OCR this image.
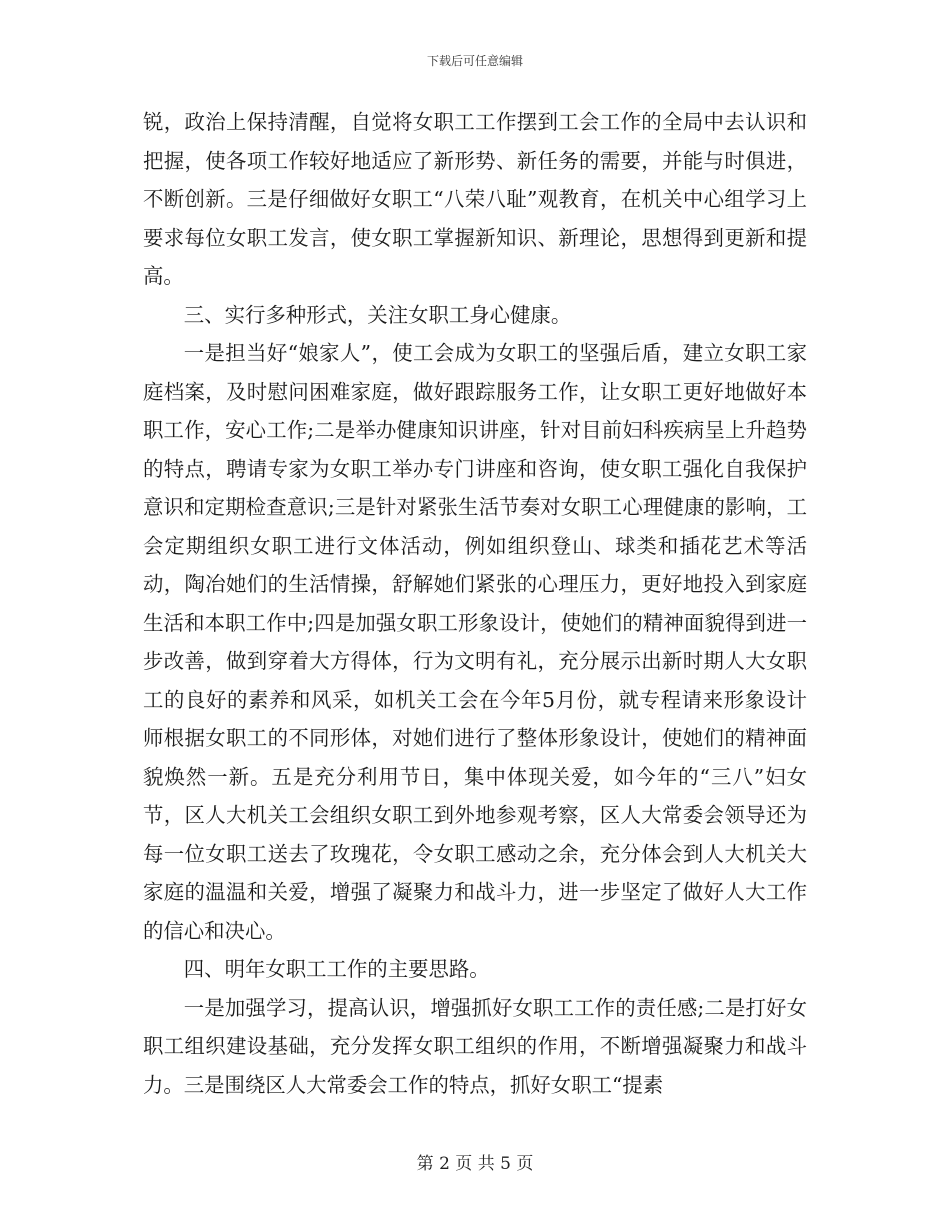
下载后可任意编辑

锐，政治上保持清醒，自觉将女职工工作摆到工会工作的全局中去认识和把握，使各项工作较好地适应了新形势、新任务的需要，并能与时俱进，不断创新。三是仔细做好女职工“八荣八耻”观教育，在机关中心组学习上要求每位女职工发言，使女职工掌握新知识、新理论，思想得到更新和提高。

三、实行多种形式，关注女职工身心健康。

一是担当好“娘家人”，使工会成为女职工的坚强后盾，建立女职工家庭档案，及时慰问困难家庭，做好跟踪服务工作，让女职工更好地做好本职工作，安心工作;二是举办健康知识讲座，针对目前妇科疾病呈上升趋势的特点，聘请专家为女职工举办专门讲座和咨询，使女职工强化自我保护意识和定期检查意识;三是针对紧张生活节奏对女职工心理健康的影响，工会定期组织女职工进行文体活动，例如组织登山、球类和插花艺术等活动，陶冶她们的生活情操，舒解她们紧张的心理压力，更好地投入到家庭生活和本职工作中;四是加强女职工形象设计，使她们的精神面貌得到进一步改善，做到穿着大方得体，行为文明有礼，充分展示出新时期人大女职工的良好的素养和风采，如机关工会在今年5月份，就专程请来形象设计师根据女职工的不同形体，对她们进行了整体形象设计，使她们的精神面貌焕然一新。五是充分利用节日，集中体现关爱，如今年的“三八”妇女节，区人大机关工会组织女职工到外地参观考察，区人大常委会领导还为每一位女职工送去了玫瑰花，令女职工感动之余，充分体会到人大机关大家庭的温温和关爱，增强了凝聚力和战斗力，进一步坚定了做好人大工作的信心和决心。

四、明年女职工工作的主要思路。

一是加强学习，提高认识，增强抓好女职工工作的责任感;二是打好女职工组织建设基础，充分发挥女职工组织的作用，不断增强凝聚力和战斗力。三是围绕区人大常委会工作的特点，抓好女职工“提素

第 2 页 共 5 页
